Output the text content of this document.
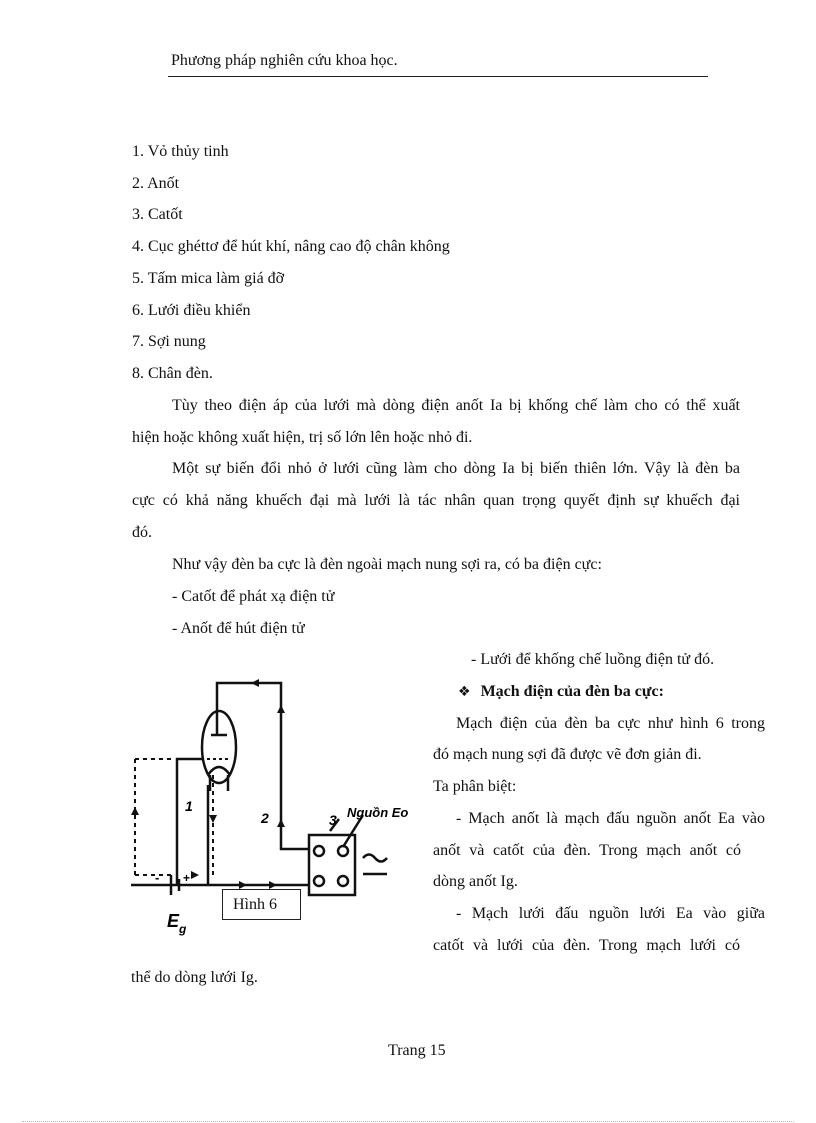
Phương pháp nghiên cứu khoa học.
1. Vỏ thủy tinh
2. Anốt
3. Catốt
4. Cục ghéttơ để hút khí, nâng cao độ chân không
5. Tấm mica làm giá đỡ
6. Lưới điều khiển
7. Sợi nung
8. Chân đèn.
Tùy theo điện áp của lưới mà dòng điện anốt Ia bị khống chế làm cho có thể xuất
hiện hoặc không xuất hiện, trị số lớn lên hoặc nhỏ đi.
Một sự biến đổi nhỏ ở lưới cũng làm cho dòng Ia bị biến thiên lớn. Vậy là đèn ba
cực có khả năng khuếch đại mà lưới là tác nhân quan trọng quyết định sự khuếch đại
đó.
Như vậy đèn ba cực là đèn ngoài mạch nung sợi ra, có ba điện cực:
- Catốt để phát xạ điện tử
- Anốt để hút điện tử
- Lưới để khống chế luồng điện tử đó.
❖ Mạch điện của đèn ba cực:
Mạch điện của đèn ba cực như hình 6 trong
đó mạch nung sợi đã được vẽ đơn giản đi.
Ta phân biệt:
- Mạch anốt là mạch đấu nguồn anốt Ea vào
anốt và catốt của đèn. Trong mạch anốt có
dòng anốt Ig.
- Mạch lưới đấu nguồn lưới Ea vào giữa
catốt và lưới của đèn. Trong mạch lưới có
thể do dòng lưới Ig.
1
2	3 Nguồn Eo
- +
E g
Hình 6
Trang 15
